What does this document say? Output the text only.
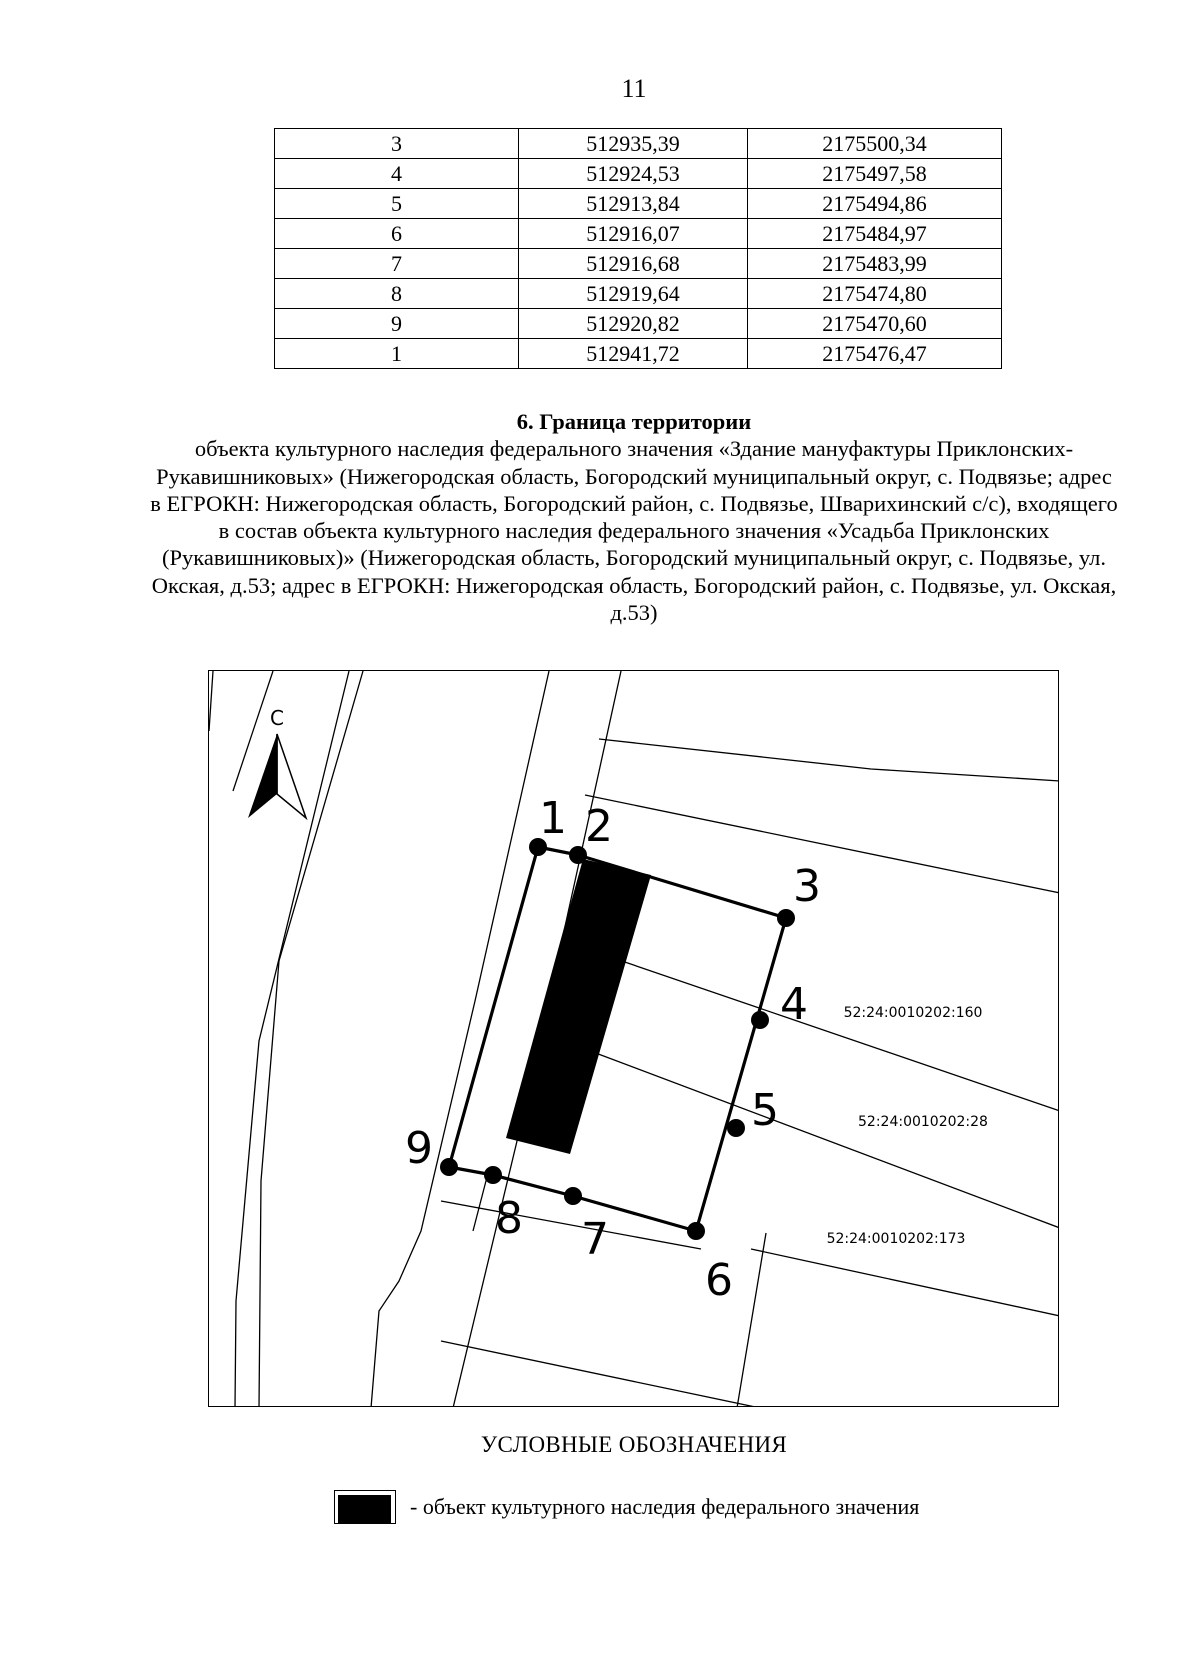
11
3	512935,39	2175500,34
4	512924,53	2175497,58
5	512913,84	2175494,86
6	512916,07	2175484,97
7	512916,68	2175483,99
8	512919,64	2175474,80
9	512920,82	2175470,60
1	512941,72	2175476,47
6. Граница территории
объекта культурного наследия федерального значения «Здание мануфактуры Приклонских-Рукавишниковых» (Нижегородская область, Богородский муниципальный округ, с. Подвязье; адрес в ЕГРОКН: Нижегородская область, Богородский район, с. Подвязье, Шварихинский с/с), входящего в состав объекта культурного наследия федерального значения «Усадьба Приклонских (Рукавишниковых)» (Нижегородская область, Богородский муниципальный округ, с. Подвязье, ул. Окская, д.53; адрес в ЕГРОКН: Нижегородская область, Богородский район, с. Подвязье, ул. Окская, д.53)
С
1 2
3
4
5
6
7
8
9
52:24:0010202:160
52:24:0010202:28
52:24:0010202:173
УСЛОВНЫЕ ОБОЗНАЧЕНИЯ
- объект культурного наследия федерального значения
